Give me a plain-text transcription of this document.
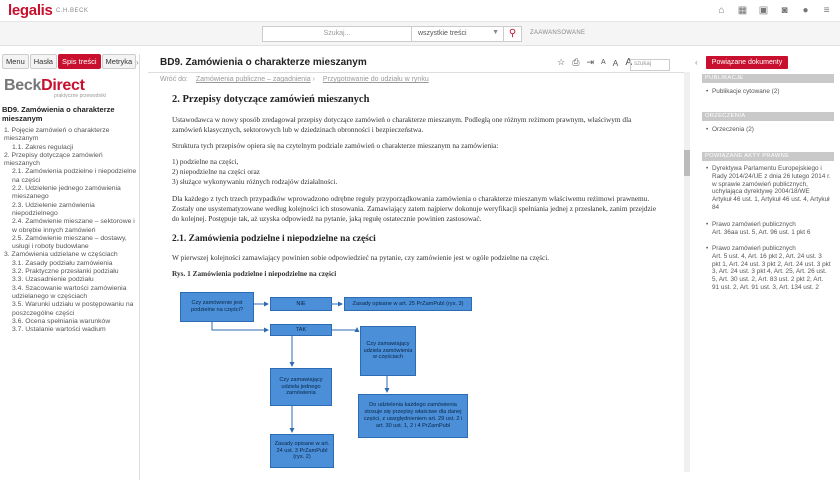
legalis C.H.BECK	⌂ ▦ ▣ ◙ ● ≡
Szukaj...	wszystkie treści	▼ ⚲	ZAAWANSOWANE
Menu	Hasła	Spis treści	Metryka
BeckDirect
praktyczne przewodniki
BD9. Zamówienia o charakterze mieszanym
1. Pojęcie zamówień o charakterze
mieszanym
1.1. Zakres regulacji
2. Przepisy dotyczące zamówień mieszanych
2.1. Zamówienia podzielne i niepodzielne
na części
2.2. Udzielenie jednego zamówienia
mieszanego
2.3. Udzielenie zamówienia
niepodzielnego
2.4. Zamówienie mieszane – sektorowe i
w obrębie innych zamówień
2.5. Zamówienie mieszane – dostawy,
usługi i roboty budowlane
3. Zamówienia udzielane w częściach
3.1. Zasady podziału zamówienia
3.2. Praktyczne przesłanki podziału
3.3. Uzasadnienie podziału
3.4. Szacowanie wartości zamówienia
udzielanego w częściach
3.5. Warunki udziału w postępowaniu na
poszczególne części
3.6. Ocena spełniania warunków
3.7. Ustalanie wartości wadium
› BD9. Zamówienia o charakterze mieszanym	☆ ⎙ ⇥ A A A szukaj
Wróć do: Zamówienia publiczne – zagadnienia › Przygotowanie do udziału w rynku
2. Przepisy dotyczące zamówień mieszanych
Ustawodawca w nowy sposób zredagował przepisy dotyczące zamówień o charakterze mieszanym. Podległą one różnym reżimom prawnym, właściwym dla zamówień klasycznych, sektorowych lub w dziedzinach obronności i bezpieczeństwa.
Struktura tych przepisów opiera się na czytelnym podziale zamówień o charakterze mieszanym na zamówienia:
1) podzielne na części,
2) niepodzielne na części oraz
3) służące wykonywaniu różnych rodzajów działalności.
Dla każdego z tych trzech przypadków wprowadzono odrębne reguły przyporządkowania zamówienia o charakterze mieszanym właściwemu reżimowi prawnemu. Zostały one usystematyzowane według kolejności ich stosowania. Zamawiający zatem najpierw dokonuje weryfikacji spełniania jednej z przesłanek, zanim przejdzie do kolejnej. Postępuje tak, aż uzyska odpowiedź na pytanie, jaką regułę ostatecznie powinien zastosować.
2.1. Zamówienia podzielne i niepodzielne na części
W pierwszej kolejności zamawiający powinien sobie odpowiedzieć na pytanie, czy zamówienie jest w ogóle podzielne na części.
Rys. 1 Zamówienia podzielne i niepodzielne na części
Czy zamówienie jest podzielne na części?
NIE	Zasady opisane w art. 25 PrZamPubl (rys. 3)
TAK
Czy zamawiający udziela zamówienia w częściach
Czy zamawiający udziela jednego zamówienia
Do udzielenia każdego zamówienia stosuje się przepisy właściwe dla danej części, z uwzględnieniem art. 29 ust. 2 i art. 30 ust. 1, 2 i 4 PrZamPubl
Zasady opisane w art. 24 ust. 3 PrZamPubl (rys. 2)
‹	Powiązane dokumenty
PUBLIKACJE
• Publikacje cytowane (2)
ORZECZENIA
• Orzeczenia (2)
POWIĄZANE AKTY PRAWNE
• Dyrektywa Parlamentu Europejskiego i Rady 2014/24/UE z dnia 26 lutego 2014 r. w sprawie zamówień publicznych, uchylająca dyrektywę 2004/18/WE
Artykuł 46 ust. 1, Artykuł 46 ust. 4, Artykuł 84
• Prawo zamówień publicznych
Art. 36aa ust. 5, Art. 96 ust. 1 pkt 6
• Prawo zamówień publicznych
Art. 5 ust. 4, Art. 16 pkt 2, Art. 24 ust. 3 pkt 1, Art. 24 ust. 3 pkt 2, Art. 24 ust. 3 pkt 3, Art. 24 ust. 3 pkt 4, Art. 25, Art. 26 ust. 5, Art. 30 ust. 2, Art. 83 ust. 2 pkt 2, Art. 91 ust. 2, Art. 91 ust. 3, Art. 134 ust. 2
